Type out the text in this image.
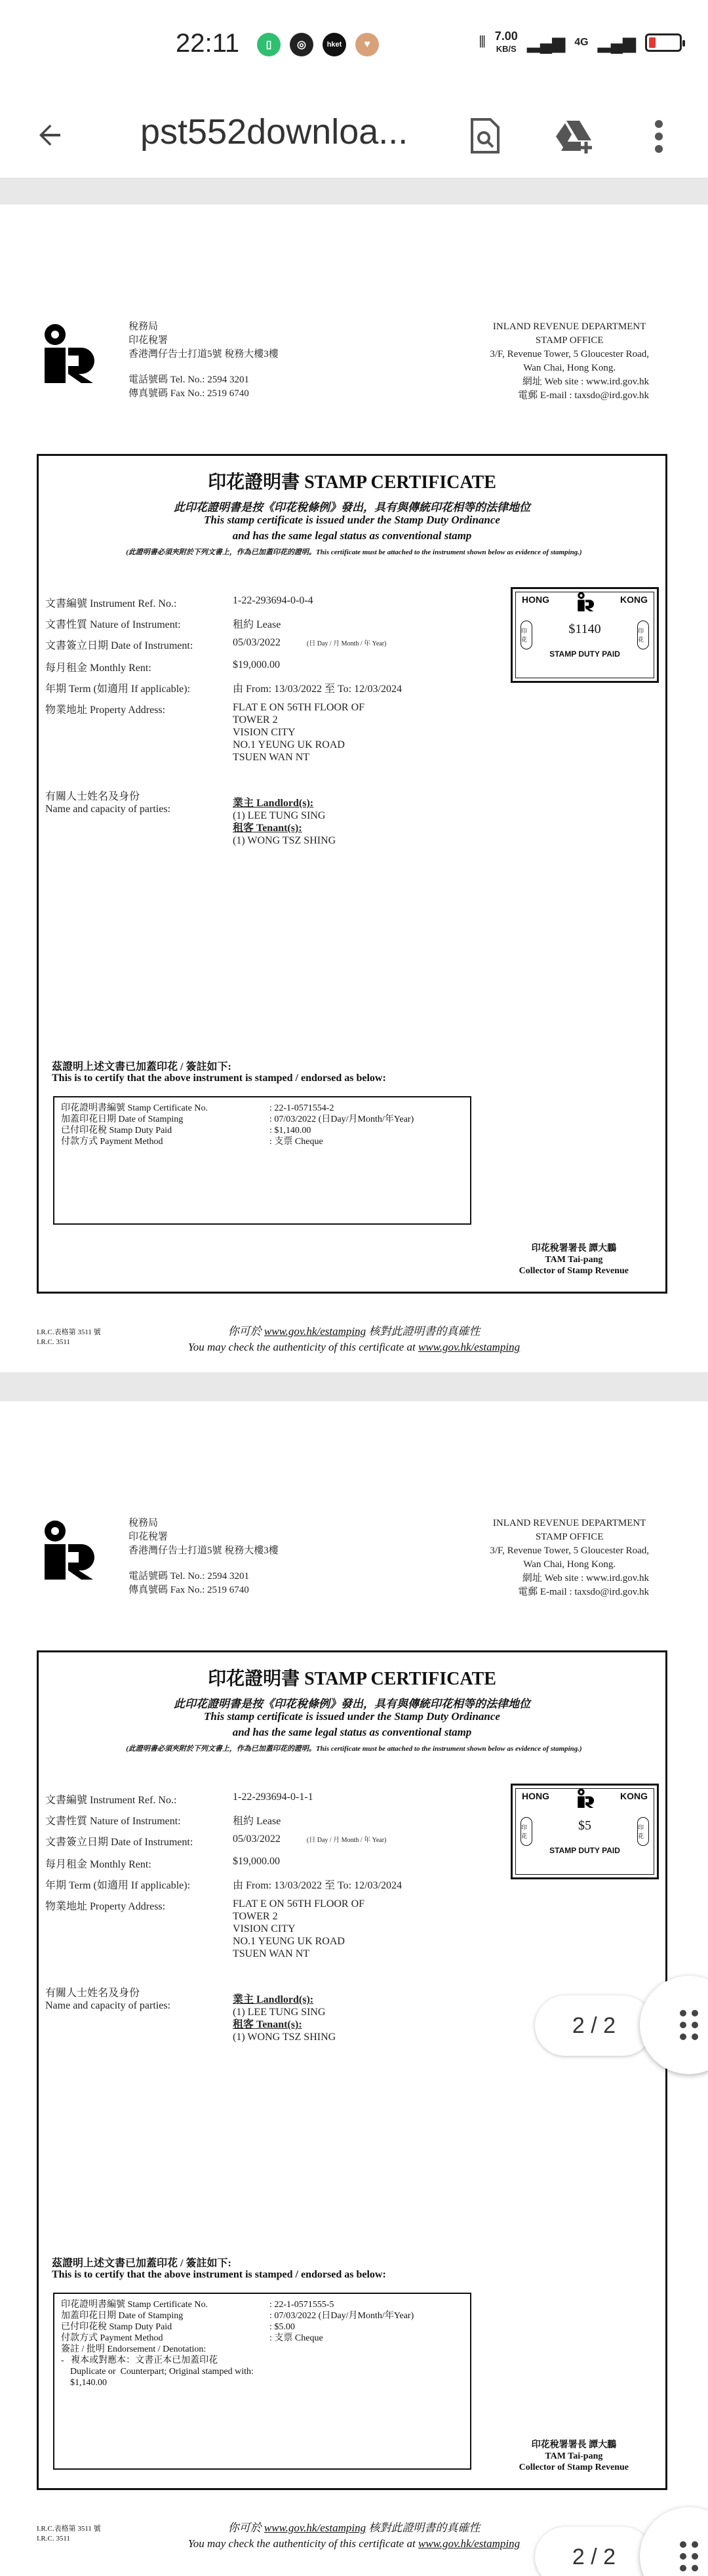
22:11	▯	◎	hket	♥	⫴ 7.00
KB/S ▂▄▆ 4G ▂▄▆
pst552downloa...
稅務局
印花稅署
香港灣仔告士打道5號 稅務大樓3樓
電話號碼 Tel. No.: 2594 3201
傳真號碼 Fax No.: 2519 6740
INLAND REVENUE DEPARTMENT
STAMP OFFICE
3/F, Revenue Tower, 5 Gloucester Road,
Wan Chai, Hong Kong.
網址 Web site : www.ird.gov.hk
電郵 E-mail : taxsdo@ird.gov.hk
印花證明書 STAMP CERTIFICATE
此印花證明書是按《印花稅條例》發出，具有與傳統印花相等的法律地位
This stamp certificate is issued under the Stamp Duty Ordinance
and has the same legal status as conventional stamp
(此證明書必須夾附於下列文書上，作為已加蓋印花的證明。This certificate must be attached to the instrument shown below as evidence of stamping.)
文書編號 Instrument Ref. No.:	1-22-293694-0-0-4
文書性質 Nature of Instrument:	租約 Lease
文書簽立日期 Date of Instrument:	05/03/2022	(日 Day / 月 Month / 年 Year)
每月租金 Monthly Rent:	$19,000.00
年期 Term (如適用 If applicable):	由 From: 13/03/2022 至 To: 12/03/2024
物業地址 Property Address:	FLAT E ON 56TH FLOOR OF
TOWER 2
VISION CITY
NO.1 YEUNG UK ROAD
TSUEN WAN NT
有關人士姓名及身份
Name and capacity of parties:
業主 Landlord(s):
(1) LEE TUNG SING
租客 Tenant(s):
(1) WONG TSZ SHING
HONG	KONG
印花
印花
$1140
STAMP DUTY PAID
茲證明上述文書已加蓋印花 / 簽註如下:
This is to certify that the above instrument is stamped / endorsed as below:
印花證明書編號 Stamp Certificate No.	: 22-1-0571554-2
加蓋印花日期 Date of Stamping	: 07/03/2022 (日Day/月Month/年Year)
已付印花稅 Stamp Duty Paid	: $1,140.00
付款方式 Payment Method	: 支票 Cheque
印花稅署署長 譚大鵬
TAM Tai-pang
Collector of Stamp Revenue
I.R.C.表格第 3511 號
I.R.C. 3511
你可於 www.gov.hk/estamping 核對此證明書的真確性
You may check the authenticity of this certificate at www.gov.hk/estamping
稅務局
印花稅署
香港灣仔告士打道5號 稅務大樓3樓
電話號碼 Tel. No.: 2594 3201
傳真號碼 Fax No.: 2519 6740
INLAND REVENUE DEPARTMENT
STAMP OFFICE
3/F, Revenue Tower, 5 Gloucester Road,
Wan Chai, Hong Kong.
網址 Web site : www.ird.gov.hk
電郵 E-mail : taxsdo@ird.gov.hk
印花證明書 STAMP CERTIFICATE
此印花證明書是按《印花稅條例》發出，具有與傳統印花相等的法律地位
This stamp certificate is issued under the Stamp Duty Ordinance
and has the same legal status as conventional stamp
(此證明書必須夾附於下列文書上，作為已加蓋印花的證明。This certificate must be attached to the instrument shown below as evidence of stamping.)
文書編號 Instrument Ref. No.:	1-22-293694-0-1-1
文書性質 Nature of Instrument:	租約 Lease
文書簽立日期 Date of Instrument:	05/03/2022	(日 Day / 月 Month / 年 Year)
每月租金 Monthly Rent:	$19,000.00
年期 Term (如適用 If applicable):	由 From: 13/03/2022 至 To: 12/03/2024
物業地址 Property Address:	FLAT E ON 56TH FLOOR OF
TOWER 2
VISION CITY
NO.1 YEUNG UK ROAD
TSUEN WAN NT
有關人士姓名及身份
Name and capacity of parties:
業主 Landlord(s):
(1) LEE TUNG SING
租客 Tenant(s):
(1) WONG TSZ SHING
HONG	KONG
印花
印花
$5
STAMP DUTY PAID
茲證明上述文書已加蓋印花 / 簽註如下:
This is to certify that the above instrument is stamped / endorsed as below:
印花證明書編號 Stamp Certificate No.	: 22-1-0571555-5
加蓋印花日期 Date of Stamping	: 07/03/2022 (日Day/月Month/年Year)
已付印花稅 Stamp Duty Paid	: $5.00
付款方式 Payment Method	: 支票 Cheque
簽註 / 批明 Endorsement / Denotation:
-   複本或對應本：文書正本已加蓋印花
Duplicate or  Counterpart; Original stamped with:
$1,140.00
印花稅署署長 譚大鵬
TAM Tai-pang
Collector of Stamp Revenue
I.R.C.表格第 3511 號
I.R.C. 3511
你可於 www.gov.hk/estamping 核對此證明書的真確性
You may check the authenticity of this certificate at www.gov.hk/estamping
2 / 2
2 / 2
